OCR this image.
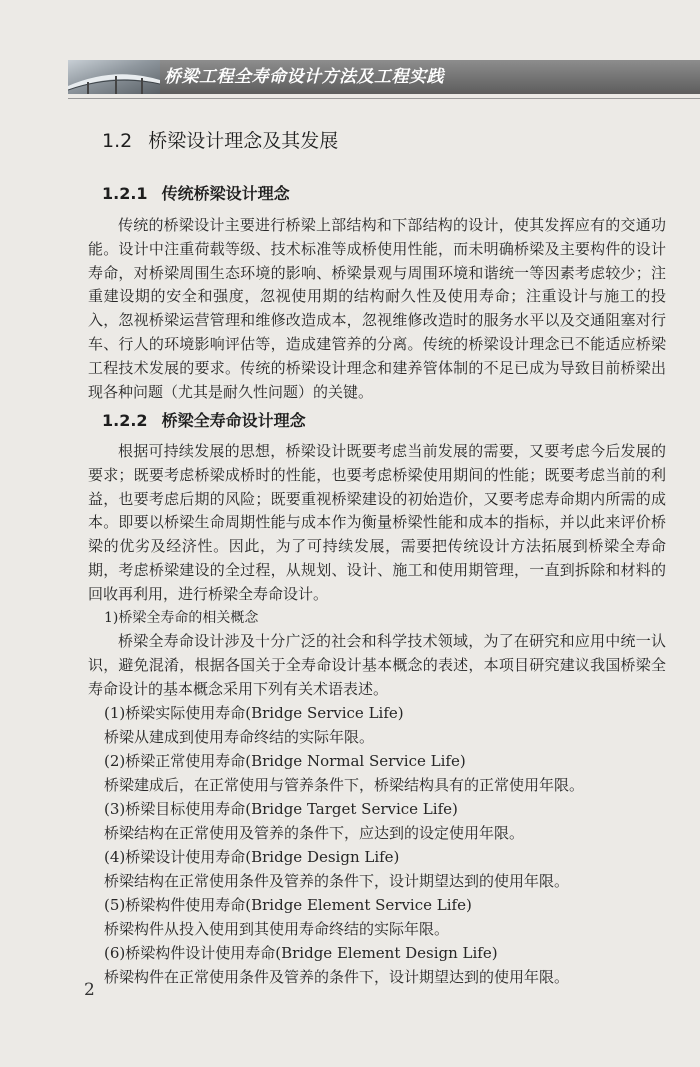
桥梁工程全寿命设计方法及工程实践
1.2 桥梁设计理念及其发展
1.2.1 传统桥梁设计理念
传统的桥梁设计主要进行桥梁上部结构和下部结构的设计，使其发挥应有的交通功能。设计中注重荷载等级、技术标准等成桥使用性能，而未明确桥梁及主要构件的设计寿命，对桥梁周围生态环境的影响、桥梁景观与周围环境和谐统一等因素考虑较少；注重建设期的安全和强度，忽视使用期的结构耐久性及使用寿命；注重设计与施工的投入，忽视桥梁运营管理和维修改造成本，忽视维修改造时的服务水平以及交通阻塞对行车、行人的环境影响评估等，造成建管养的分离。传统的桥梁设计理念已不能适应桥梁工程技术发展的要求。传统的桥梁设计理念和建养管体制的不足已成为导致目前桥梁出现各种问题（尤其是耐久性问题）的关键。
1.2.2 桥梁全寿命设计理念
根据可持续发展的思想，桥梁设计既要考虑当前发展的需要，又要考虑今后发展的要求；既要考虑桥梁成桥时的性能，也要考虑桥梁使用期间的性能；既要考虑当前的利益，也要考虑后期的风险；既要重视桥梁建设的初始造价，又要考虑寿命期内所需的成本。即要以桥梁生命周期性能与成本作为衡量桥梁性能和成本的指标，并以此来评价桥梁的优劣及经济性。因此，为了可持续发展，需要把传统设计方法拓展到桥梁全寿命期，考虑桥梁建设的全过程，从规划、设计、施工和使用期管理，一直到拆除和材料的回收再利用，进行桥梁全寿命设计。
1)桥梁全寿命的相关概念
桥梁全寿命设计涉及十分广泛的社会和科学技术领域，为了在研究和应用中统一认识，避免混淆，根据各国关于全寿命设计基本概念的表述，本项目研究建议我国桥梁全寿命设计的基本概念采用下列有关术语表述。
(1)桥梁实际使用寿命(Bridge Service Life)
桥梁从建成到使用寿命终结的实际年限。
(2)桥梁正常使用寿命(Bridge Normal Service Life)
桥梁建成后，在正常使用与管养条件下，桥梁结构具有的正常使用年限。
(3)桥梁目标使用寿命(Bridge Target Service Life)
桥梁结构在正常使用及管养的条件下，应达到的设定使用年限。
(4)桥梁设计使用寿命(Bridge Design Life)
桥梁结构在正常使用条件及管养的条件下，设计期望达到的使用年限。
(5)桥梁构件使用寿命(Bridge Element Service Life)
桥梁构件从投入使用到其使用寿命终结的实际年限。
(6)桥梁构件设计使用寿命(Bridge Element Design Life)
桥梁构件在正常使用条件及管养的条件下，设计期望达到的使用年限。
2
